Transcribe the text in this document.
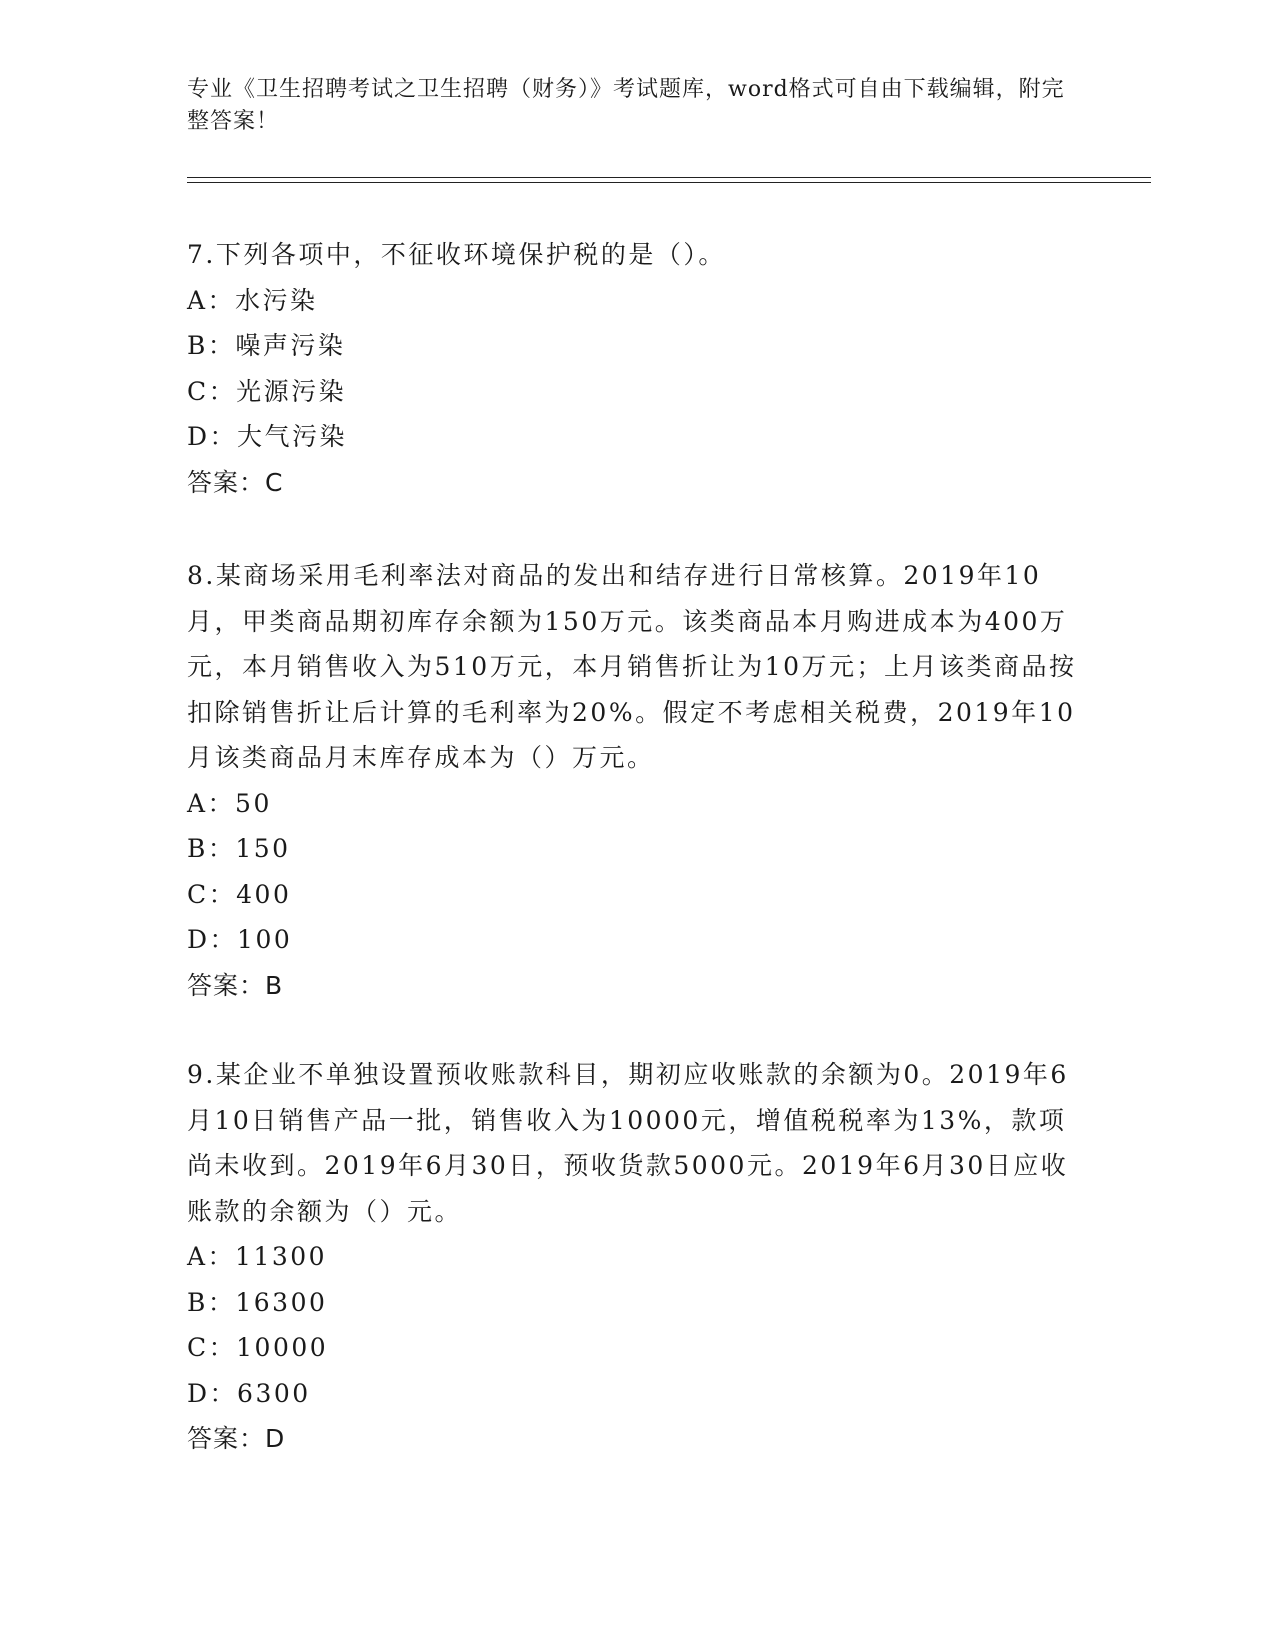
专业《卫生招聘考试之卫生招聘（财务）》考试题库，word格式可自由下载编辑，附完整答案！

7.下列各项中，不征收环境保护税的是（）。

A：水污染
B：噪声污染
C：光源污染
D：大气污染

答案：C

8.某商场采用毛利率法对商品的发出和结存进行日常核算。2019年10月，甲类商品期初库存余额为150万元。该类商品本月购进成本为400万元，本月销售收入为510万元，本月销售折让为10万元；上月该类商品按扣除销售折让后计算的毛利率为20%。假定不考虑相关税费，2019年10月该类商品月末库存成本为（）万元。

A：50
B：150
C：400
D：100

答案：B

9.某企业不单独设置预收账款科目，期初应收账款的余额为0。2019年6月10日销售产品一批，销售收入为10000元，增值税税率为13%，款项尚未收到。2019年6月30日，预收货款5000元。2019年6月30日应收账款的余额为（）元。

A：11300
B：16300
C：10000
D：6300

答案：D
